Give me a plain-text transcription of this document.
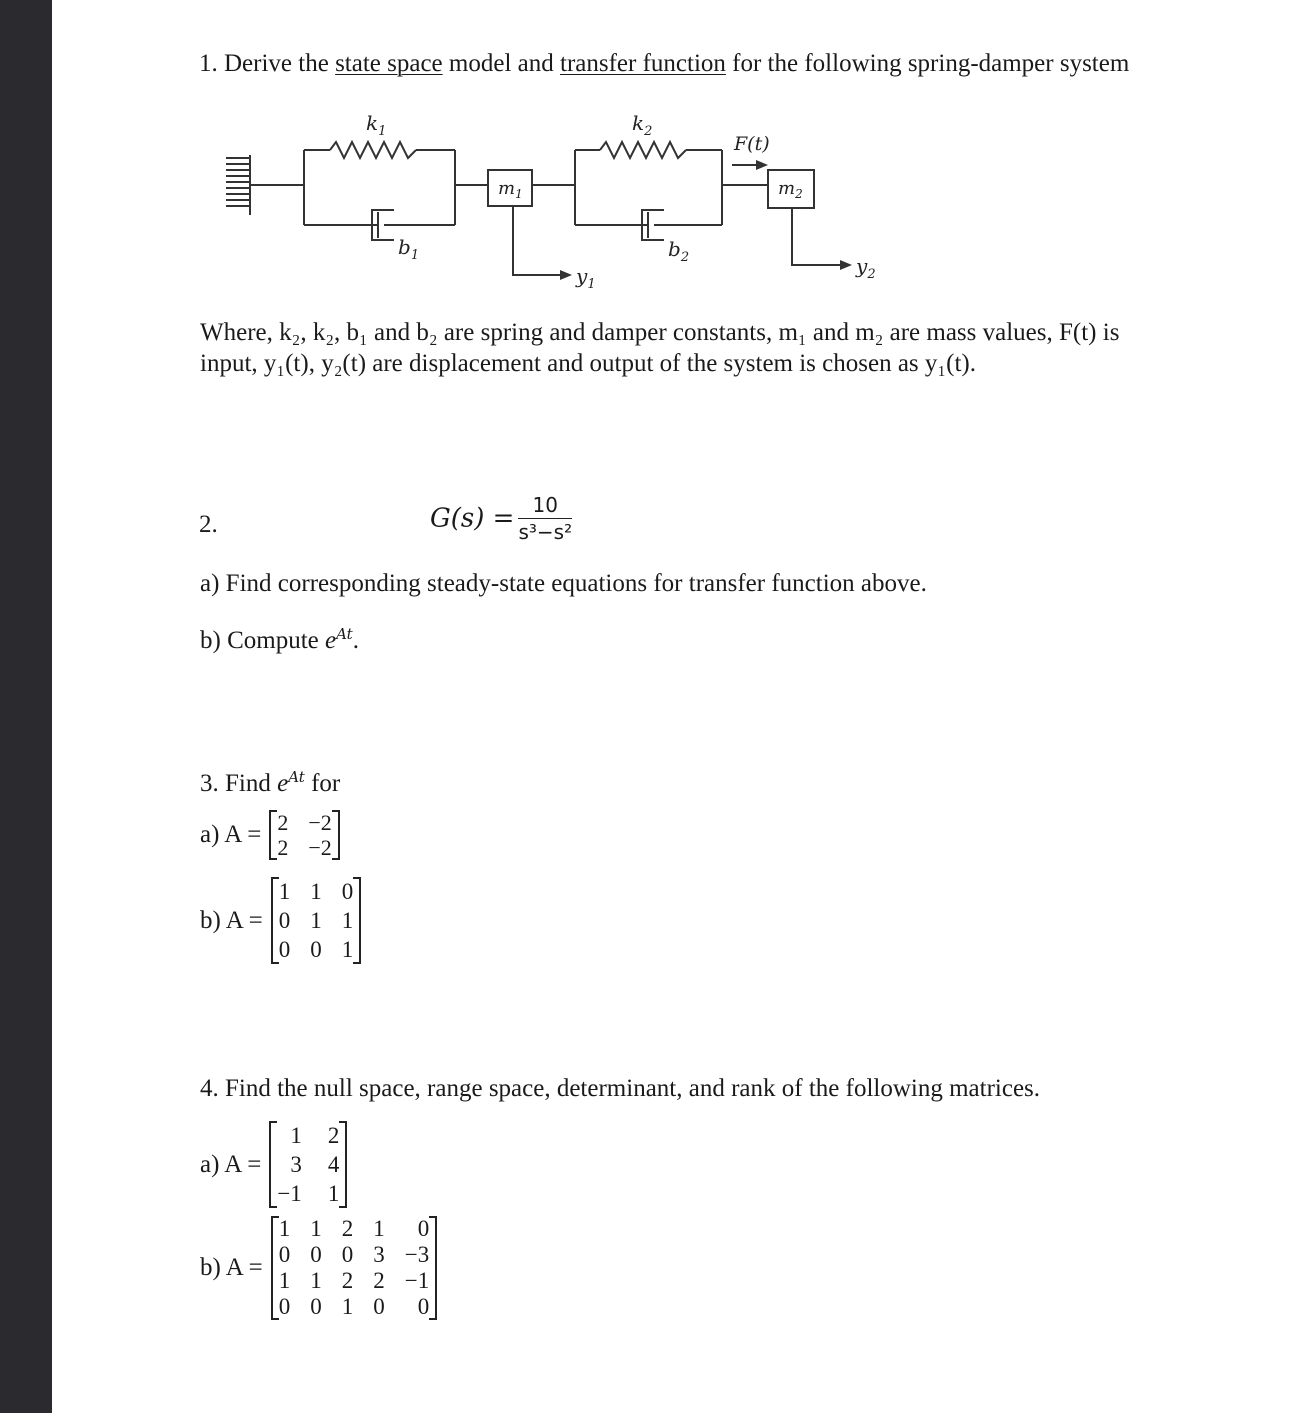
1. Derive the state space model and transfer function for the following spring-damper system
$k_1$	$k_2$
$b_1$	$b_2$
$m_1$	$m_2$
F(t)
$y_1$
$y_2$
Where, k₂, k₂, b₁ and b₂ are spring and damper constants, m₁ and m₂ are mass values, F(t) is
input, y₁(t), y₂(t) are displacement and output of the system is chosen as y₁(t).
2.	$G(s) = \frac{10}{\text{s³−s²}}$
a) Find corresponding steady-state equations for transfer function above.
b) Compute $e^{At}$.
3. Find $e^{At}$ for
a) A = 2 −2
2 −2
b) A =
1 1 0
0 1 1
0 0 1
4. Find the null space, range space, determinant, and rank of the following matrices.
a) A =
1 2
3 4
−1 1
b) A =
1 1 2 1	0
0 0 0 3 −3
1 1 2 2 −1
0 0 1 0	0
